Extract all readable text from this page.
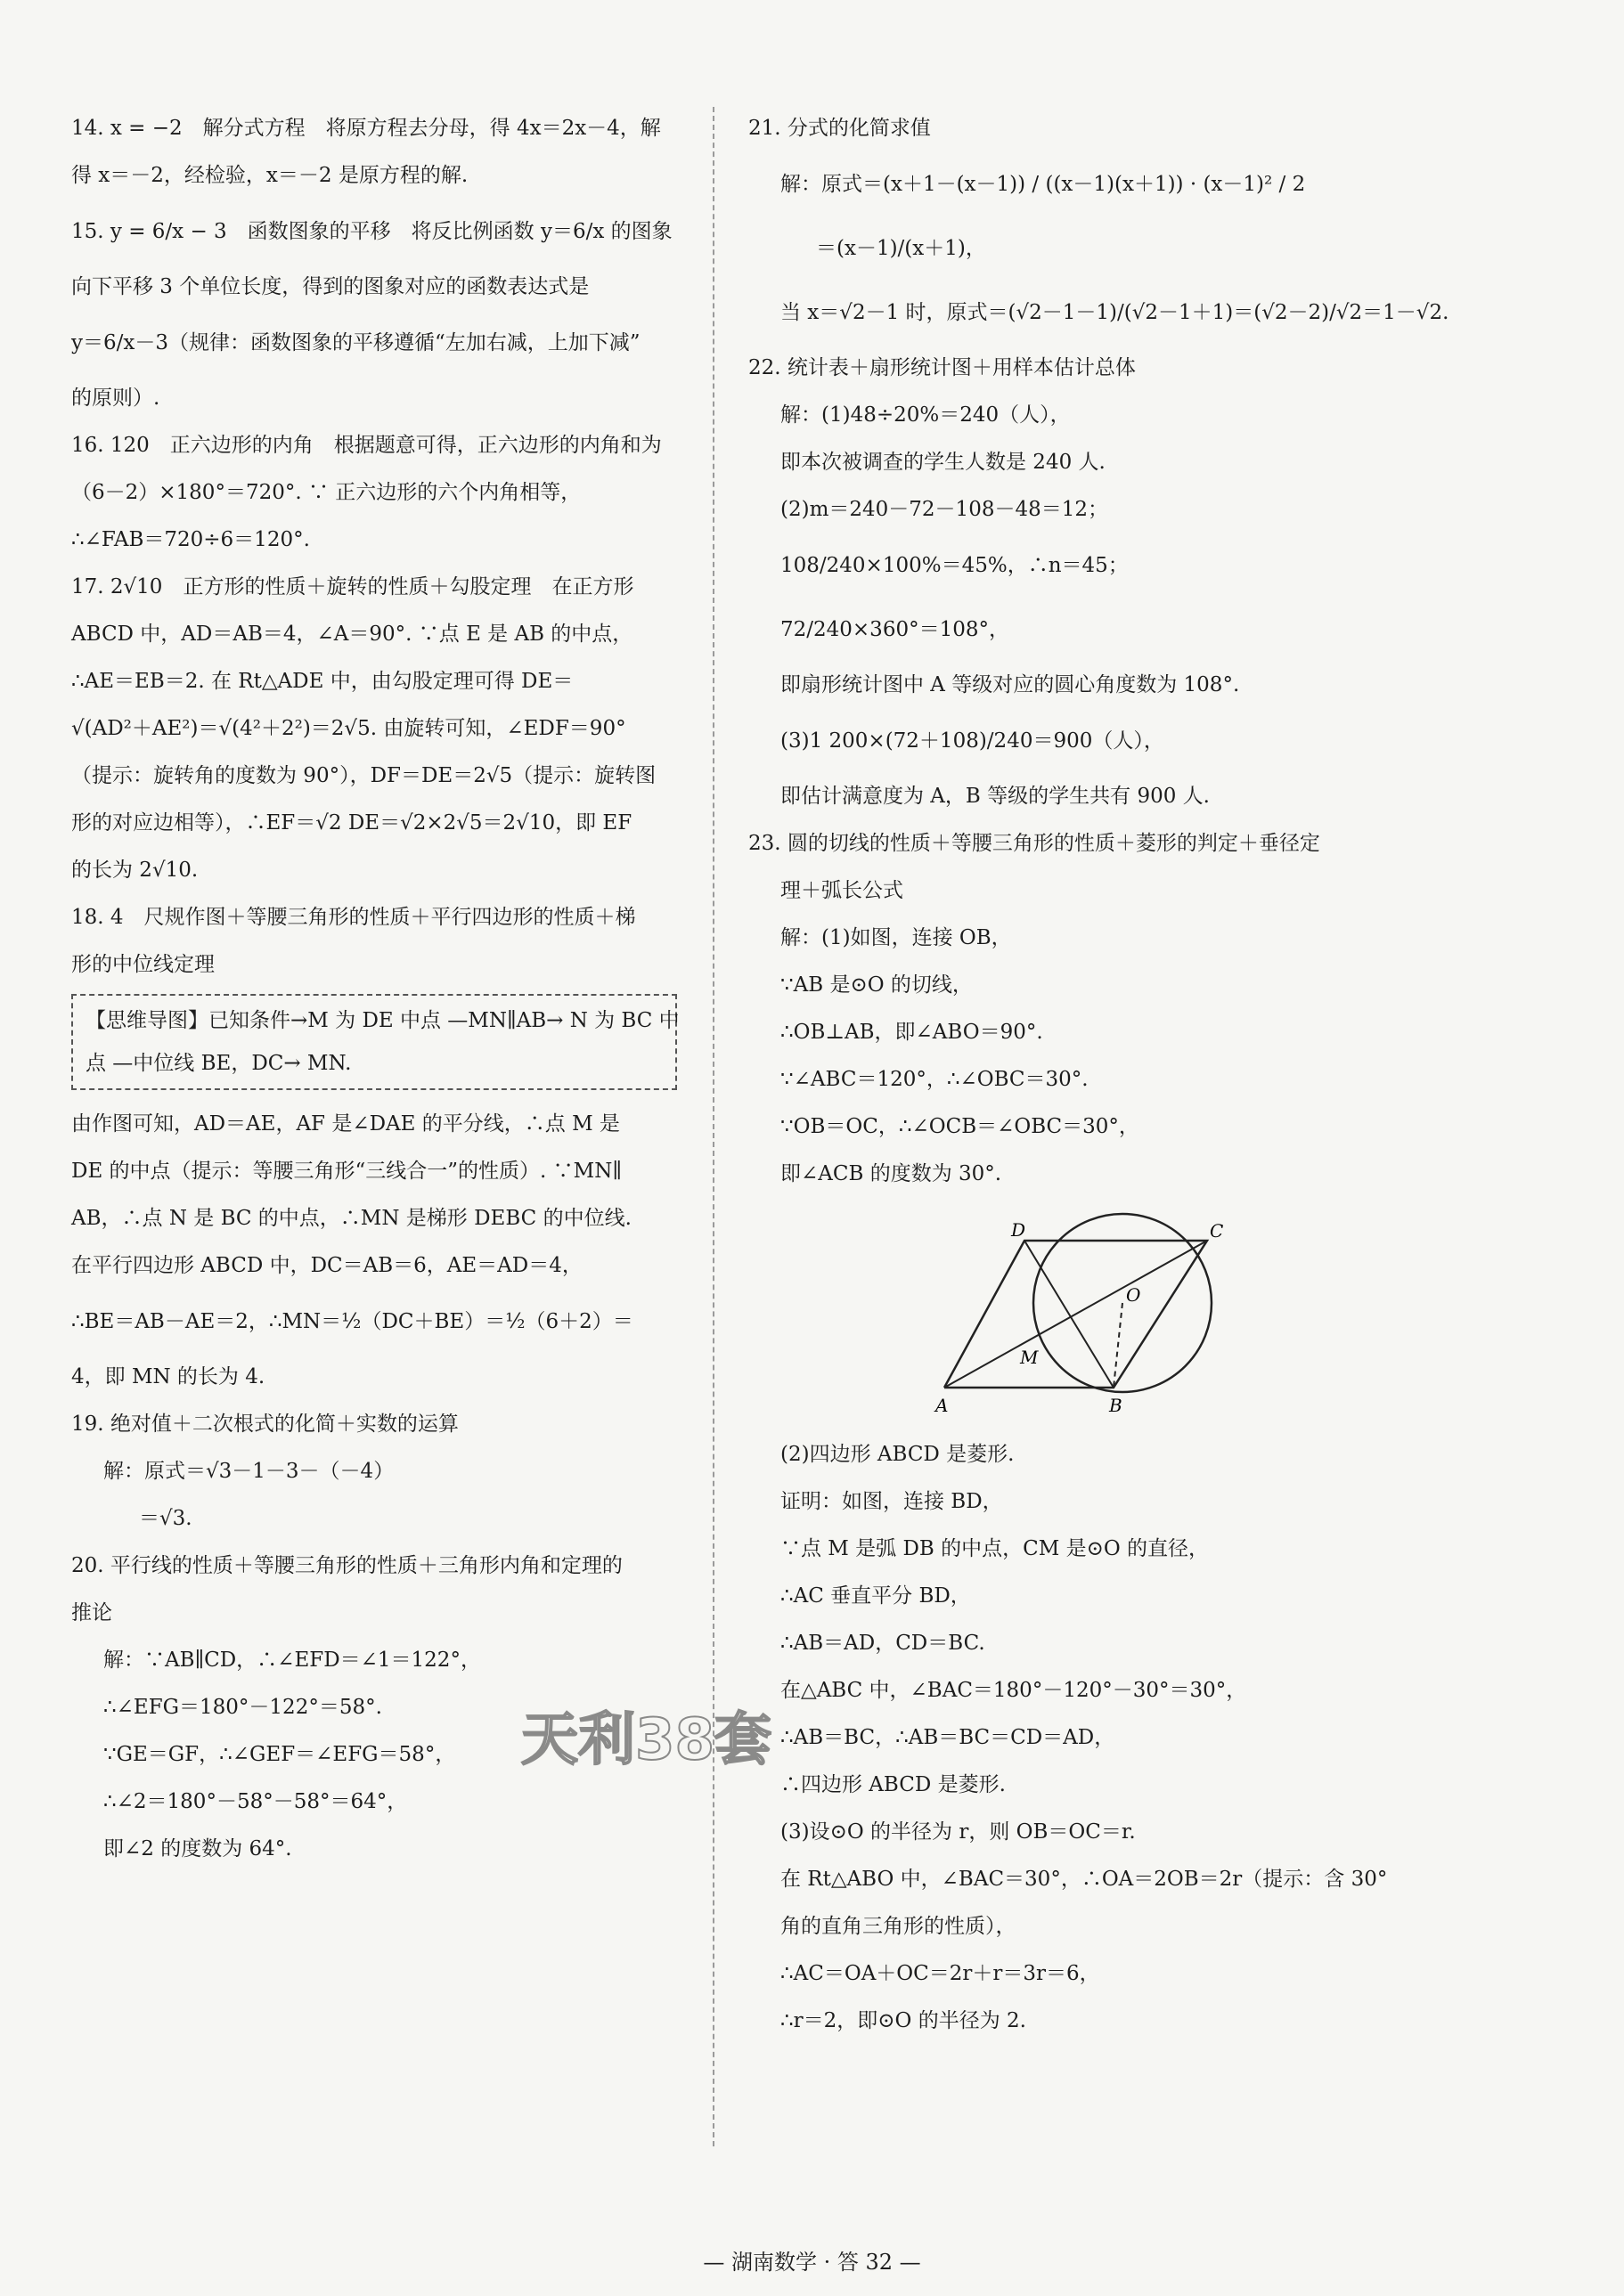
14. x = −2　解分式方程　将原方程去分母，得 4x＝2x－4，解
得 x＝－2，经检验，x＝－2 是原方程的解.
15. y = 6/x − 3　函数图象的平移　将反比例函数 y＝6/x 的图象
向下平移 3 个单位长度，得到的图象对应的函数表达式是
y＝6/x－3（规律：函数图象的平移遵循“左加右减，上加下减”
的原则）.
16. 120　正六边形的内角　根据题意可得，正六边形的内角和为
（6－2）×180°＝720°. ∵ 正六边形的六个内角相等，
∴∠FAB＝720÷6＝120°.
17. 2√10　正方形的性质＋旋转的性质＋勾股定理　在正方形
ABCD 中，AD＝AB＝4，∠A＝90°. ∵点 E 是 AB 的中点，
∴AE＝EB＝2. 在 Rt△ADE 中，由勾股定理可得 DE＝
√(AD²＋AE²)＝√(4²＋2²)＝2√5. 由旋转可知，∠EDF＝90°
（提示：旋转角的度数为 90°），DF＝DE＝2√5（提示：旋转图
形的对应边相等），∴EF＝√2 DE＝√2×2√5＝2√10，即 EF
的长为 2√10.
18. 4　尺规作图＋等腰三角形的性质＋平行四边形的性质＋梯
形的中位线定理
【思维导图】已知条件→M 为 DE 中点 —MN∥AB→ N 为 BC 中
点 —中位线 BE，DC→ MN.
由作图可知，AD＝AE，AF 是∠DAE 的平分线，∴点 M 是
DE 的中点（提示：等腰三角形“三线合一”的性质）. ∵MN∥
AB，∴点 N 是 BC 的中点，∴MN 是梯形 DEBC 的中位线.
在平行四边形 ABCD 中，DC＝AB＝6，AE＝AD＝4，
∴BE＝AB－AE＝2，∴MN＝½（DC＋BE）＝½（6＋2）＝
4，即 MN 的长为 4.
19. 绝对值＋二次根式的化简＋实数的运算
解：原式＝√3－1－3－（－4）
＝√3.
20. 平行线的性质＋等腰三角形的性质＋三角形内角和定理的
推论
解：∵AB∥CD，∴∠EFD＝∠1＝122°，
∴∠EFG＝180°－122°＝58°.
∵GE＝GF，∴∠GEF＝∠EFG＝58°，
∴∠2＝180°－58°－58°＝64°，
即∠2 的度数为 64°.
21. 分式的化简求值
解：原式＝(x＋1－(x－1)) / ((x－1)(x＋1)) · (x－1)² / 2
＝(x－1)/(x＋1)，
当 x＝√2－1 时，原式＝(√2－1－1)/(√2－1＋1)＝(√2－2)/√2＝1－√2.
22. 统计表＋扇形统计图＋用样本估计总体
解：(1)48÷20%＝240（人），
即本次被调查的学生人数是 240 人.
(2)m＝240－72－108－48＝12；
108/240×100%＝45%，∴n＝45；
72/240×360°＝108°，
即扇形统计图中 A 等级对应的圆心角度数为 108°.
(3)1 200×(72＋108)/240＝900（人），
即估计满意度为 A，B 等级的学生共有 900 人.
23. 圆的切线的性质＋等腰三角形的性质＋菱形的判定＋垂径定
理＋弧长公式
解：(1)如图，连接 OB，
∵AB 是⊙O 的切线，
∴OB⊥AB，即∠ABO＝90°.
∵∠ABC＝120°，∴∠OBC＝30°.
∵OB＝OC，∴∠OCB＝∠OBC＝30°，
即∠ACB 的度数为 30°.
D	C
O
M
A	B
(2)四边形 ABCD 是菱形.
证明：如图，连接 BD，
∵点 M 是弧 DB 的中点，CM 是⊙O 的直径，
∴AC 垂直平分 BD，
∴AB＝AD，CD＝BC.
在△ABC 中，∠BAC＝180°－120°－30°＝30°，
∴AB＝BC，∴AB＝BC＝CD＝AD，
∴四边形 ABCD 是菱形.
(3)设⊙O 的半径为 r，则 OB＝OC＝r.
在 Rt△ABO 中，∠BAC＝30°，∴OA＝2OB＝2r（提示：含 30°
角的直角三角形的性质），
∴AC＝OA＋OC＝2r＋r＝3r＝6，
∴r＝2，即⊙O 的半径为 2.
天利38套
— 湖南数学 · 答 32 —
